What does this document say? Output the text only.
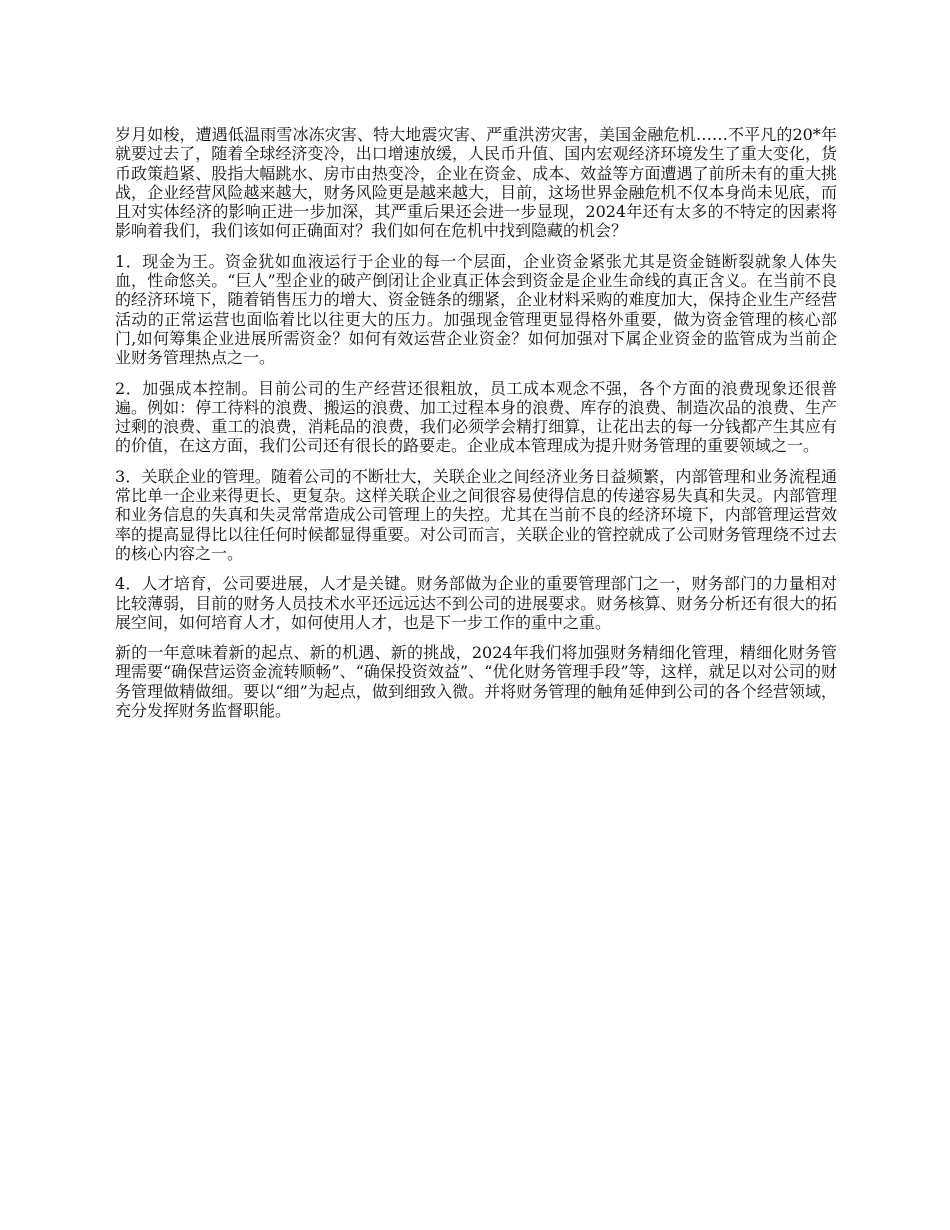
岁月如梭，遭遇低温雨雪冰冻灾害、特大地震灾害、严重洪涝灾害，美国金融危机……不平凡的20*年就要过去了，随着全球经济变冷，出口增速放缓，人民币升值、国内宏观经济环境发生了重大变化，货币政策趋紧、股指大幅跳水、房市由热变冷，企业在资金、成本、效益等方面遭遇了前所未有的重大挑战，企业经营风险越来越大，财务风险更是越来越大，目前，这场世界金融危机不仅本身尚未见底，而且对实体经济的影响正进一步加深，其严重后果还会进一步显现，2024年还有太多的不特定的因素将影响着我们，我们该如何正确面对？我们如何在危机中找到隐藏的机会？

1．现金为王。资金犹如血液运行于企业的每一个层面，企业资金紧张尤其是资金链断裂就象人体失血，性命悠关。“巨人”型企业的破产倒闭让企业真正体会到资金是企业生命线的真正含义。在当前不良的经济环境下，随着销售压力的增大、资金链条的绷紧，企业材料采购的难度加大，保持企业生产经营活动的正常运营也面临着比以往更大的压力。加强现金管理更显得格外重要，做为资金管理的核心部门,如何筹集企业进展所需资金？如何有效运营企业资金？如何加强对下属企业资金的监管成为当前企业财务管理热点之一。

2．加强成本控制。目前公司的生产经营还很粗放，员工成本观念不强，各个方面的浪费现象还很普遍。例如：停工待料的浪费、搬运的浪费、加工过程本身的浪费、库存的浪费、制造次品的浪费、生产过剩的浪费、重工的浪费，消耗品的浪费，我们必须学会精打细算，让花出去的每一分钱都产生其应有的价值，在这方面，我们公司还有很长的路要走。企业成本管理成为提升财务管理的重要领域之一。

3．关联企业的管理。随着公司的不断壮大，关联企业之间经济业务日益频繁，内部管理和业务流程通常比单一企业来得更长、更复杂。这样关联企业之间很容易使得信息的传递容易失真和失灵。内部管理和业务信息的失真和失灵常常造成公司管理上的失控。尤其在当前不良的经济环境下，内部管理运营效率的提高显得比以往任何时候都显得重要。对公司而言，关联企业的管控就成了公司财务管理绕不过去的核心内容之一。

4．人才培育，公司要进展，人才是关键。财务部做为企业的重要管理部门之一，财务部门的力量相对比较薄弱，目前的财务人员技术水平还远远达不到公司的进展要求。财务核算、财务分析还有很大的拓展空间，如何培育人才，如何使用人才，也是下一步工作的重中之重。

新的一年意味着新的起点、新的机遇、新的挑战，2024年我们将加强财务精细化管理，精细化财务管理需要“确保营运资金流转顺畅”、“确保投资效益”、“优化财务管理手段”等，这样，就足以对公司的财务管理做精做细。要以“细”为起点，做到细致入微。并将财务管理的触角延伸到公司的各个经营领域，充分发挥财务监督职能。
